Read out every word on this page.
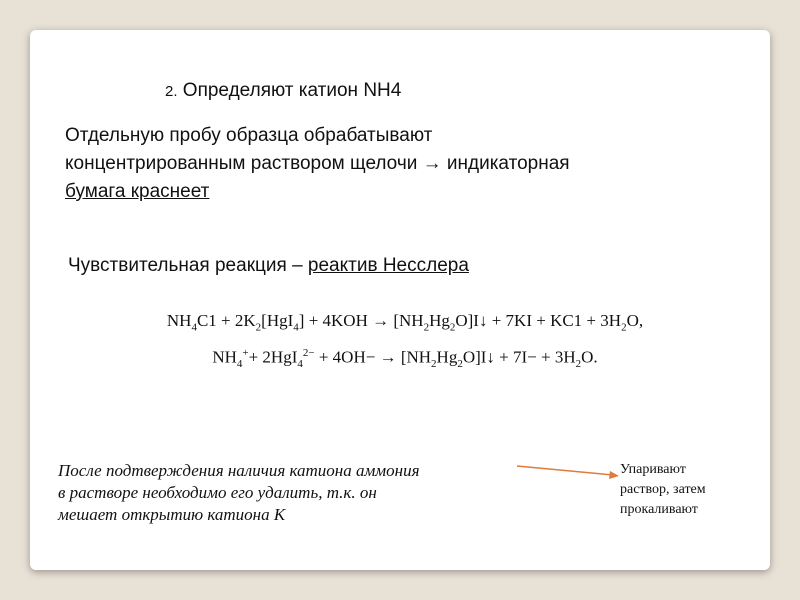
2. Определяют катион NH4
Отдельную пробу образца обрабатывают
концентрированным раствором щелочи → индикаторная
бумага краснеет
Чувствительная реакция – реактив Несслера
$NH_4C1 + 2K_2[HgI_4] + 4KOH$ → $[NH_2Hg_2O]I↓ + 7KI + KC1 + 3H_2O$,
$NH_4^++ 2HgI_4^{2-} + 4OH-$ → $[NH_2Hg_2O]I↓ + 7I- + 3H_2O$.
После подтверждения наличия катиона аммония
в растворе необходимо его удалить, т.к. он
мешает открытию катиона К
Упаривают
раствор, затем
прокаливают
